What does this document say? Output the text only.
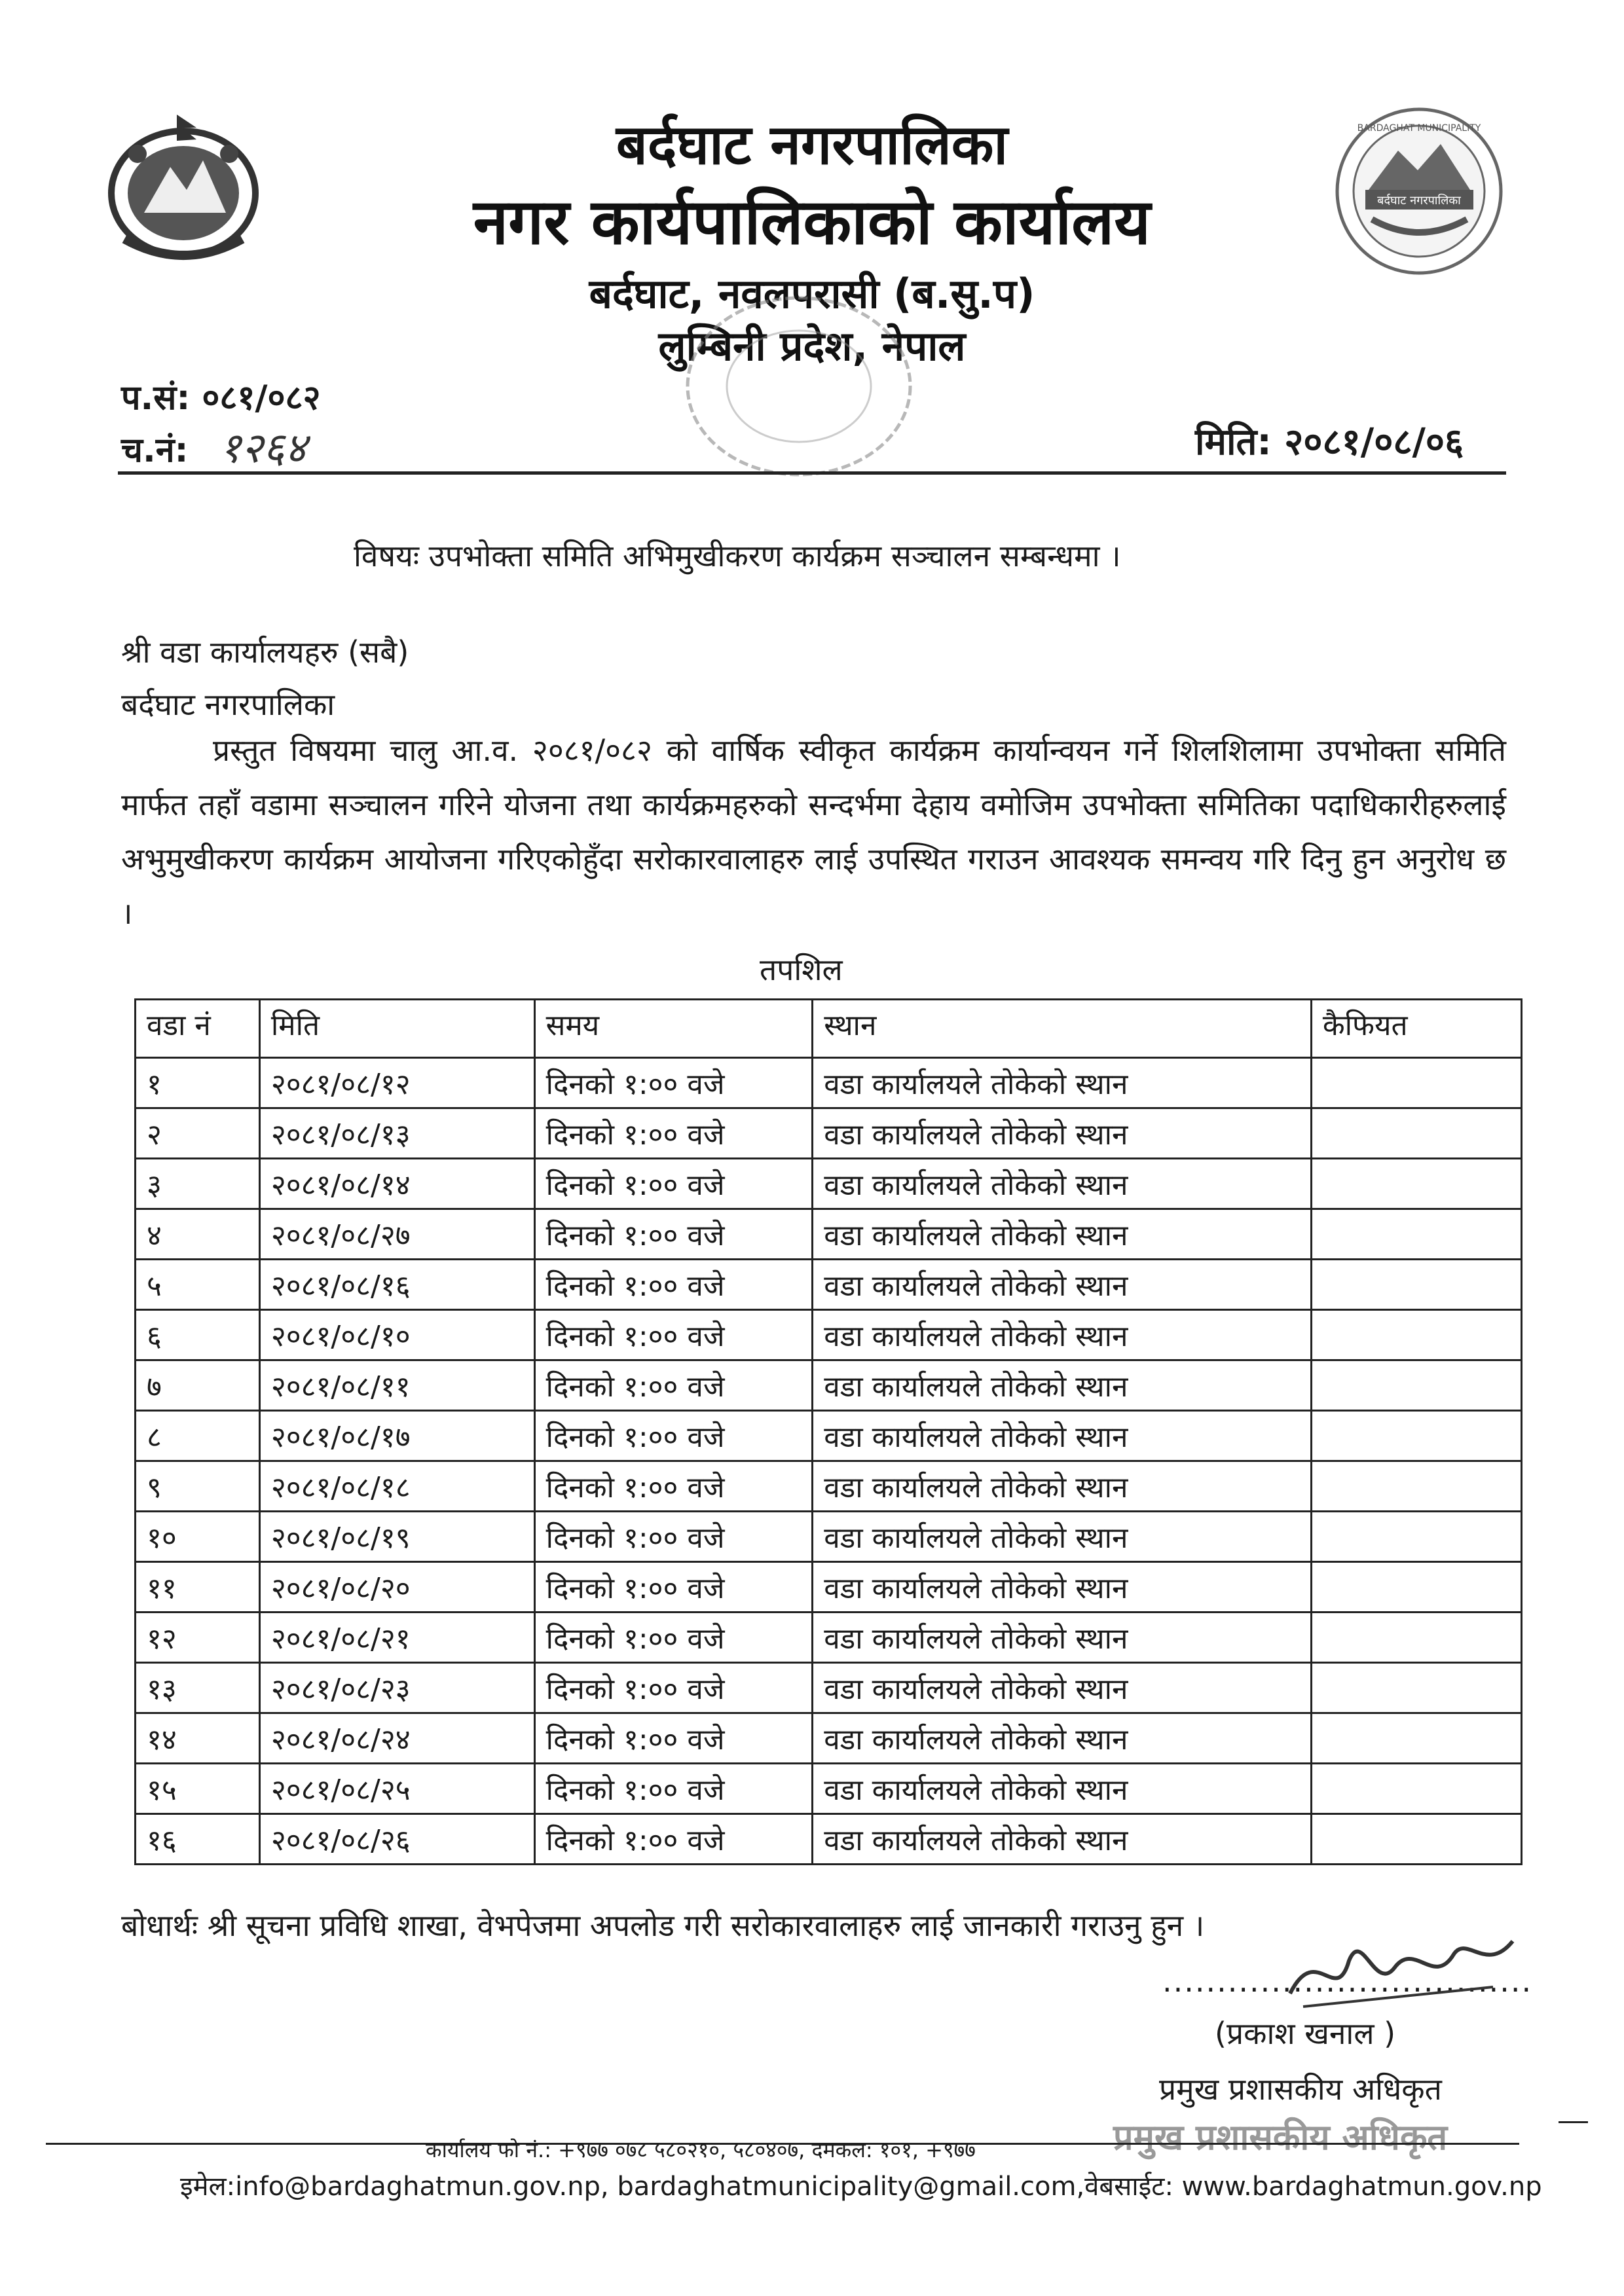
बर्दघाट नगरपालिका
BARDAGHAT MUNICIPALITY
बर्दघाट नगरपालिका
नगर कार्यपालिकाको कार्यालय
बर्दघाट, नवलपरासी (ब.सु.प)
लुम्बिनी प्रदेश, नेपाल
प.सं: ०८१/०८२
च.नं: १२६४	मिति: २०८१/०८/०६
विषयः उपभोक्ता समिति अभिमुखीकरण कार्यक्रम सञ्चालन सम्बन्धमा ।
श्री वडा कार्यालयहरु (सबै)
बर्दघाट नगरपालिका
प्रस्तुत विषयमा चालु आ.व. २०८१/०८२ को वार्षिक स्वीकृत कार्यक्रम कार्यान्वयन गर्ने शिलशिलामा उपभोक्ता समिति मार्फत तहाँ वडामा सञ्चालन गरिने योजना तथा कार्यक्रमहरुको सन्दर्भमा देहाय वमोजिम उपभोक्ता समितिका पदाधिकारीहरुलाई अभुमुखीकरण कार्यक्रम आयोजना गरिएकोहुँदा सरोकारवालाहरु लाई उपस्थित गराउन आवश्यक समन्वय गरि दिनु हुन अनुरोध छ ।
तपशिल
वडा नं	मिति	समय	स्थान	कैफियत
१	२०८१/०८/१२	दिनको १:०० वजे	वडा कार्यालयले तोकेको स्थान	
२	२०८१/०८/१३	दिनको १:०० वजे	वडा कार्यालयले तोकेको स्थान	
३	२०८१/०८/१४	दिनको १:०० वजे	वडा कार्यालयले तोकेको स्थान	
४	२०८१/०८/२७	दिनको १:०० वजे	वडा कार्यालयले तोकेको स्थान	
५	२०८१/०८/१६	दिनको १:०० वजे	वडा कार्यालयले तोकेको स्थान	
६	२०८१/०८/१०	दिनको १:०० वजे	वडा कार्यालयले तोकेको स्थान	
७	२०८१/०८/११	दिनको १:०० वजे	वडा कार्यालयले तोकेको स्थान	
८	२०८१/०८/१७	दिनको १:०० वजे	वडा कार्यालयले तोकेको स्थान	
९	२०८१/०८/१८	दिनको १:०० वजे	वडा कार्यालयले तोकेको स्थान	
१०	२०८१/०८/१९	दिनको १:०० वजे	वडा कार्यालयले तोकेको स्थान	
११	२०८१/०८/२०	दिनको १:०० वजे	वडा कार्यालयले तोकेको स्थान	
१२	२०८१/०८/२१	दिनको १:०० वजे	वडा कार्यालयले तोकेको स्थान	
१३	२०८१/०८/२३	दिनको १:०० वजे	वडा कार्यालयले तोकेको स्थान	
१४	२०८१/०८/२४	दिनको १:०० वजे	वडा कार्यालयले तोकेको स्थान	
१५	२०८१/०८/२५	दिनको १:०० वजे	वडा कार्यालयले तोकेको स्थान	
१६	२०८१/०८/२६	दिनको १:०० वजे	वडा कार्यालयले तोकेको स्थान	
बोधार्थः श्री सूचना प्रविधि शाखा, वेभपेजमा अपलोड गरी सरोकारवालाहरु लाई जानकारी गराउनु हुन ।
..................................
(प्रकाश खनाल )
प्रमुख प्रशासकीय अधिकृत
प्रमुख प्रशासकीय अधिकृत
कार्यालय फो नं.: +९७७ ०७८ ५८०२१०, ५८०४०७, दमकल: १०१, +९७७
इमेल:info@bardaghatmun.gov.np, bardaghatmunicipality@gmail.com,वेबसाईट: www.bardaghatmun.gov.np
